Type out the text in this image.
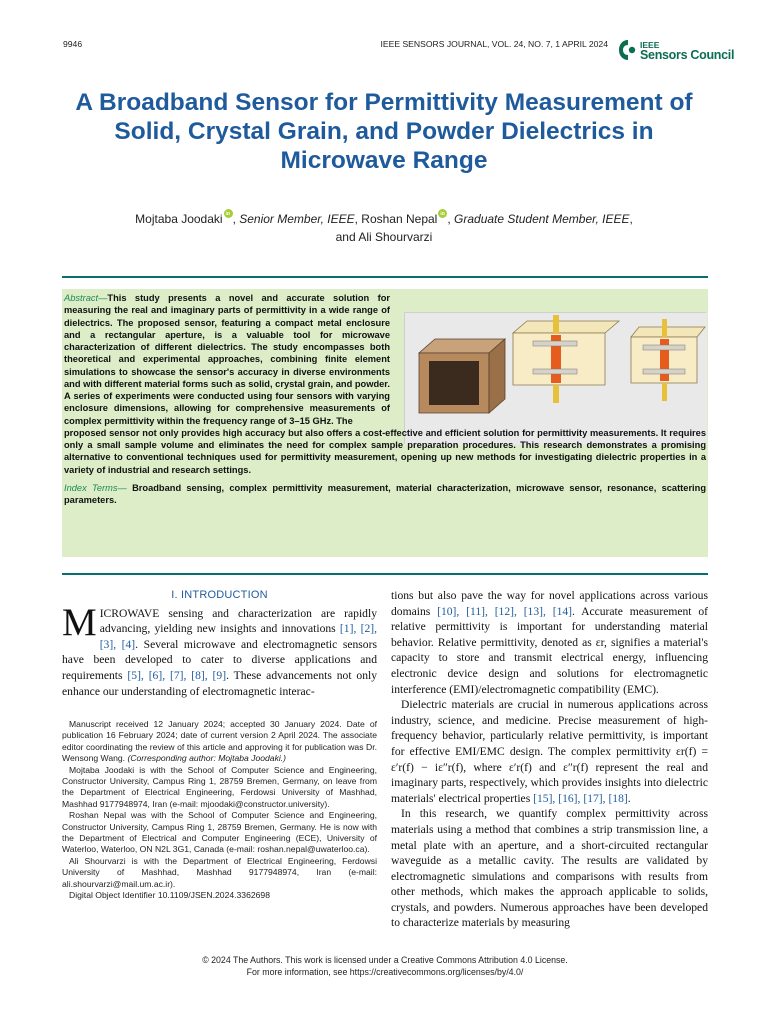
9946	IEEE SENSORS JOURNAL, VOL. 24, NO. 7, 1 APRIL 2024	IEEE
Sensors Council
A Broadband Sensor for Permittivity Measurement of Solid, Crystal Grain, and Powder Dielectrics in Microwave Range
Mojtaba Joodaki iD , Senior Member, IEEE, Roshan Nepal iD , Graduate Student Member, IEEE,
and Ali Shourvarzi
Abstract—This study presents a novel and accurate solution for measuring the real and imaginary parts of permittivity in a wide range of dielectrics. The proposed sensor, featuring a compact metal enclosure and a rectangular aperture, is a valuable tool for microwave characterization of different dielectrics. The study encompasses both theoretical and experimental approaches, combining finite element simulations to showcase the sensor's accuracy in diverse environments and with different material forms such as solid, crystal grain, and powder. A series of experiments were conducted using four sensors with varying enclosure dimensions, allowing for comprehensive measurements of complex permittivity within the frequency range of 3–15 GHz. The
proposed sensor not only provides high accuracy but also offers a cost-effective and efficient solution for permittivity measurements. It requires only a small sample volume and eliminates the need for complex sample preparation procedures. This research demonstrates a promising alternative to conventional techniques used for permittivity measurement, opening up new methods for investigating dielectric properties in a variety of industrial and research settings.
Index Terms— Broadband sensing, complex permittivity measurement, material characterization, microwave sensor, resonance, scattering parameters.
I. INTRODUCTION
MICROWAVE sensing and characterization are rapidly advancing, yielding new insights and innovations [1], [2], [3], [4]. Several microwave and electromagnetic sensors have been developed to cater to diverse applications and requirements [5], [6], [7], [8], [9]. These advancements not only enhance our understanding of electromagnetic interac-

Manuscript received 12 January 2024; accepted 30 January 2024. Date of publication 16 February 2024; date of current version 2 April 2024. The associate editor coordinating the review of this article and approving it for publication was Dr. Wensong Wang. (Corresponding author: Mojtaba Joodaki.)

Mojtaba Joodaki is with the School of Computer Science and Engineering, Constructor University, Campus Ring 1, 28759 Bremen, Germany, on leave from the Department of Electrical Engineering, Ferdowsi University of Mashhad, Mashhad 9177948974, Iran (e-mail: mjoodaki@constructor.university).

Roshan Nepal was with the School of Computer Science and Engineering, Constructor University, Campus Ring 1, 28759 Bremen, Germany. He is now with the Department of Electrical and Computer Engineering (ECE), University of Waterloo, Waterloo, ON N2L 3G1, Canada (e-mail: roshan.nepal@uwaterloo.ca).

Ali Shourvarzi is with the Department of Electrical Engineering, Ferdowsi University of Mashhad, Mashhad 9177948974, Iran (e-mail: ali.shourvarzi@mail.um.ac.ir).

Digital Object Identifier 10.1109/JSEN.2024.3362698

tions but also pave the way for novel applications across various domains [10], [11], [12], [13], [14]. Accurate measurement of relative permittivity is important for understanding material behavior. Relative permittivity, denoted as εr, signifies a material's capacity to store and transmit electrical energy, influencing electronic device design and solutions for electromagnetic interference (EMI)/electromagnetic compatibility (EMC).
Dielectric materials are crucial in numerous applications across industry, science, and medicine. Precise measurement of high-frequency behavior, particularly relative permittivity, is important for effective EMI/EMC design. The complex permittivity εr(f) = ε′r(f) − iε″r(f), where ε′r(f) and ε″r(f) represent the real and imaginary parts, respectively, which provides insights into dielectric materials' electrical properties [15], [16], [17], [18].
In this research, we quantify complex permittivity across materials using a method that combines a strip transmission line, a metal plate with an aperture, and a short-circuited rectangular waveguide as a metallic cavity. The results are validated by electromagnetic simulations and comparisons with results from other methods, which makes the approach applicable to solids, crystals, and powders. Numerous approaches have been developed to characterize materials by measuring
© 2024 The Authors. This work is licensed under a Creative Commons Attribution 4.0 License.
For more information, see https://creativecommons.org/licenses/by/4.0/
